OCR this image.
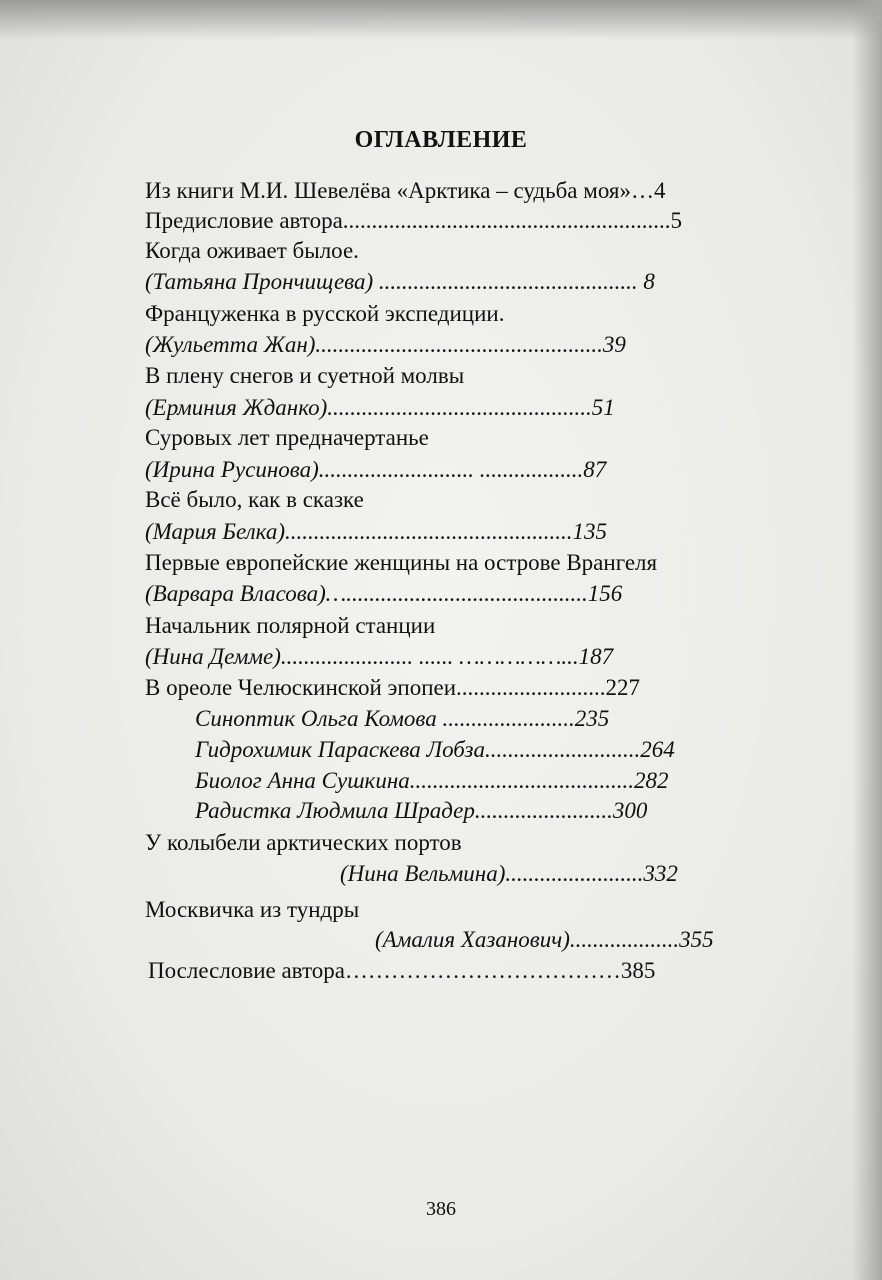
ОГЛАВЛЕНИЕ
Из книги М.И. Шевелёва «Арктика – судьба моя»…4
Предисловие автора.........................................................5
Когда оживает былое.
(Татьяна Прончищева) ............................................. 8
Француженка в русской экспедиции.
(Жульетта Жан)..................................................39
В плену снегов и суетной молвы
(Ерминия Жданко)..............................................51
Суровых лет предначертанье
(Ирина Русинова)........................... ..................87
Всё было, как в сказке
(Мария Белка)..................................................135
Первые европейские женщины на острове Врангеля
(Варвара Власова)…..........................................156
Начальник полярной станции
(Нина Демме)....................... ...... ……………...187
В ореоле Челюскинской эпопеи..........................227
Синоптик Ольга Комова .......................235
Гидрохимик Параскева Лобза...........................264
Биолог Анна Сушкина.......................................282
Радистка Людмила Шрадер........................300
У колыбели арктических портов
(Нина Вельмина)........................332
Москвичка из тундры
(Амалия Хазанович)...................355
Послесловие автора………………………………385
386
